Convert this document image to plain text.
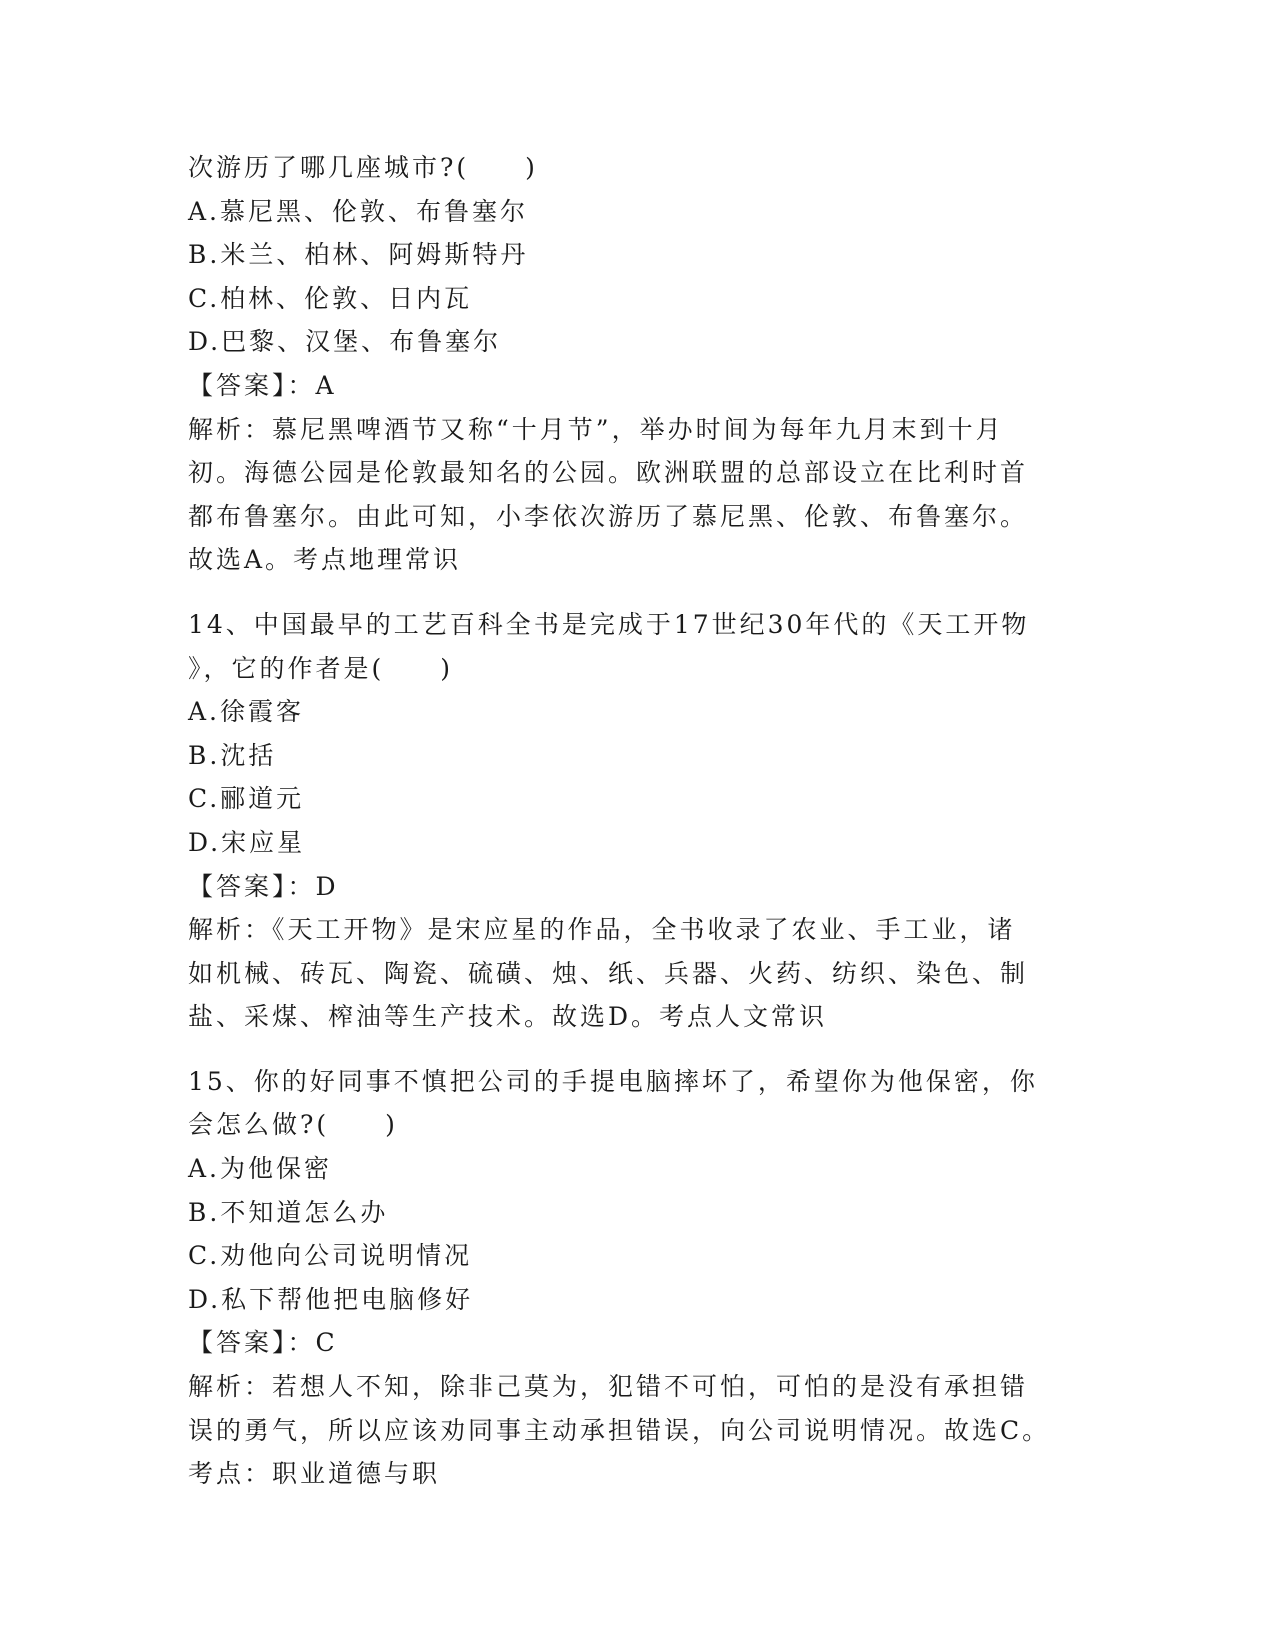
次游历了哪几座城市?(　　)
A.慕尼黑、伦敦、布鲁塞尔
B.米兰、柏林、阿姆斯特丹
C.柏林、伦敦、日内瓦
D.巴黎、汉堡、布鲁塞尔
【答案】：A
解析：慕尼黑啤酒节又称“十月节”，举办时间为每年九月末到十月
初。海德公园是伦敦最知名的公园。欧洲联盟的总部设立在比利时首
都布鲁塞尔。由此可知，小李依次游历了慕尼黑、伦敦、布鲁塞尔。
故选A。考点地理常识
14、中国最早的工艺百科全书是完成于17世纪30年代的《天工开物
》，它的作者是(　　)
A.徐霞客
B.沈括
C.郦道元
D.宋应星
【答案】：D
解析：《天工开物》是宋应星的作品，全书收录了农业、手工业，诸
如机械、砖瓦、陶瓷、硫磺、烛、纸、兵器、火药、纺织、染色、制
盐、采煤、榨油等生产技术。故选D。考点人文常识
15、你的好同事不慎把公司的手提电脑摔坏了，希望你为他保密，你
会怎么做?(　　)
A.为他保密
B.不知道怎么办
C.劝他向公司说明情况
D.私下帮他把电脑修好
【答案】：C
解析：若想人不知，除非己莫为，犯错不可怕，可怕的是没有承担错
误的勇气，所以应该劝同事主动承担错误，向公司说明情况。故选C。
考点：职业道德与职
